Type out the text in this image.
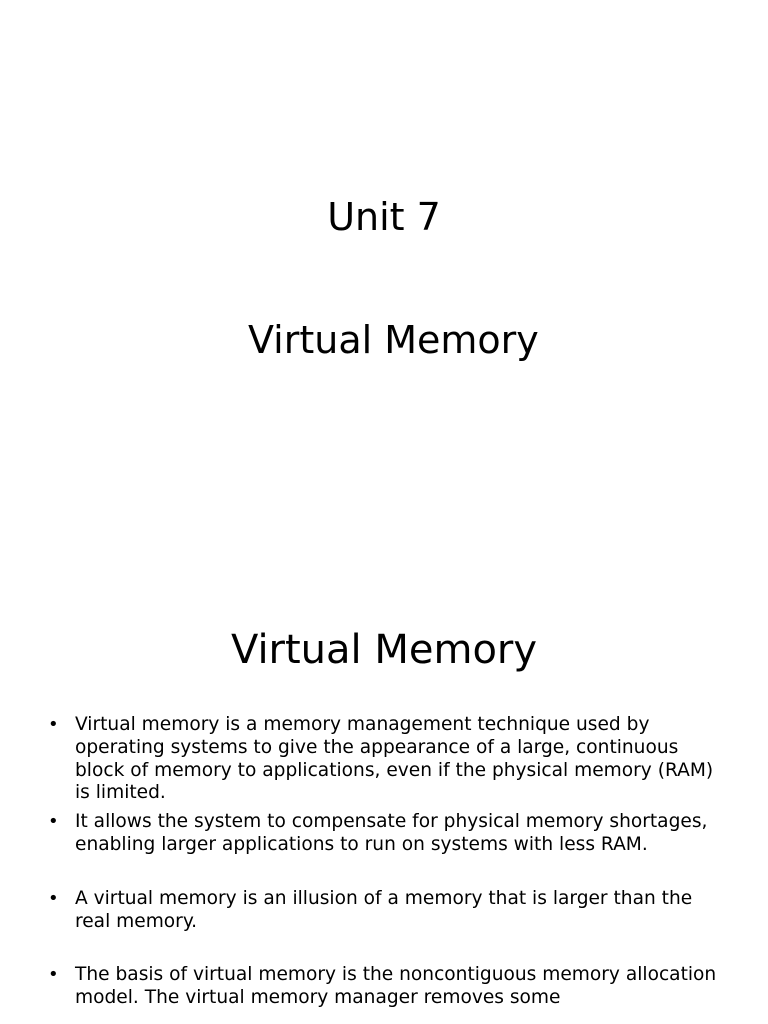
Unit 7
Virtual Memory
Virtual Memory
• Virtual memory is a memory management technique used by operating systems to give the appearance of a large, continuous block of memory to applications, even if the physical memory (RAM) is limited.
• It allows the system to compensate for physical memory shortages, enabling larger applications to run on systems with less RAM.
• A virtual memory is an illusion of a memory that is larger than the real memory.
• The basis of virtual memory is the noncontiguous memory allocation model. The virtual memory manager removes some
